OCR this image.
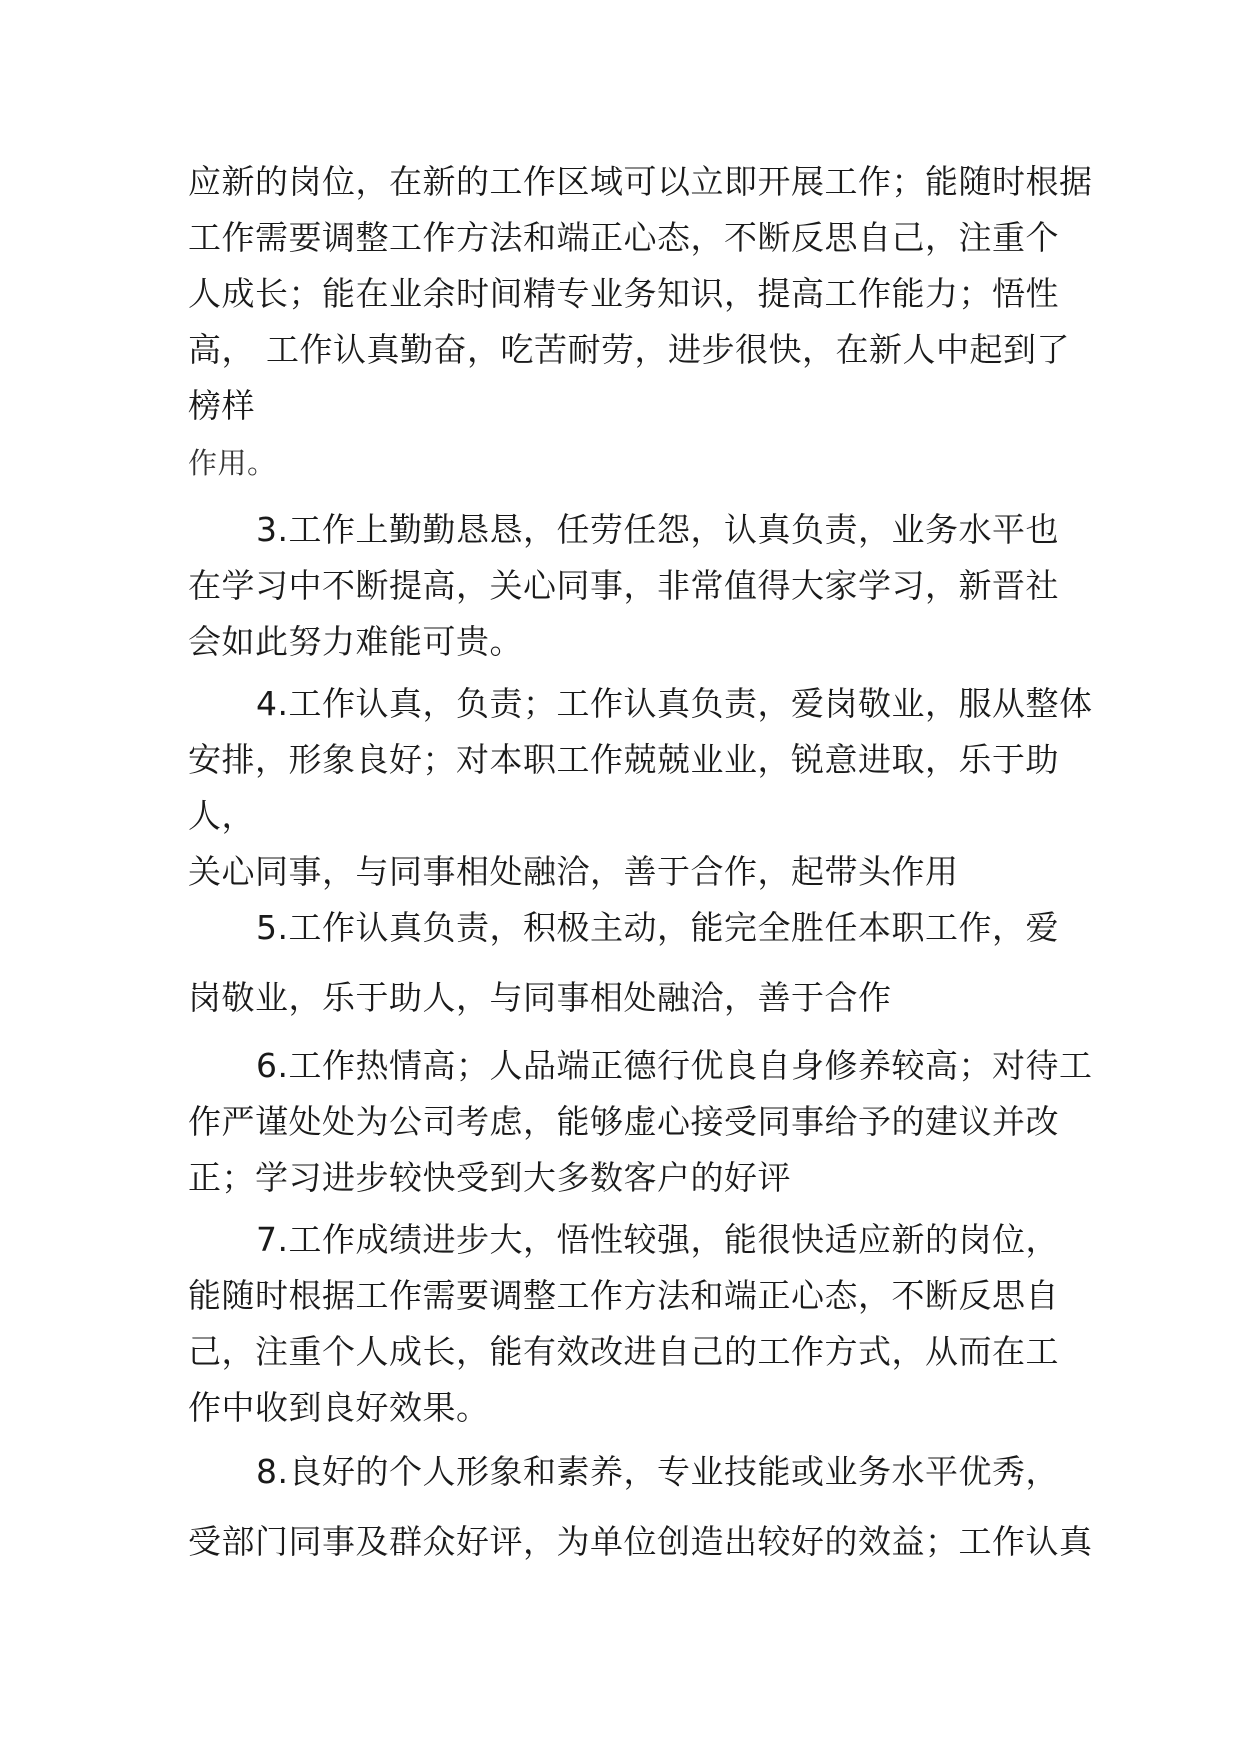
应新的岗位，在新的工作区域可以立即开展工作；能随时根据
工作需要调整工作方法和端正心态，不断反思自己，注重个
人成长；能在业余时间精专业务知识，提高工作能力；悟性
高， 工作认真勤奋，吃苦耐劳，进步很快，在新人中起到了
榜样
作用。
3.工作上勤勤恳恳，任劳任怨，认真负责，业务水平也
在学习中不断提高，关心同事，非常值得大家学习，新晋社
会如此努力难能可贵。
4.工作认真，负责；工作认真负责，爱岗敬业，服从整体
安排，形象良好；对本职工作兢兢业业，锐意进取，乐于助
人，
关心同事，与同事相处融洽，善于合作，起带头作用
5.工作认真负责，积极主动，能完全胜任本职工作，爱
岗敬业，乐于助人，与同事相处融洽，善于合作
6.工作热情高；人品端正德行优良自身修养较高；对待工
作严谨处处为公司考虑，能够虚心接受同事给予的建议并改
正；学习进步较快受到大多数客户的好评
7.工作成绩进步大，悟性较强，能很快适应新的岗位，
能随时根据工作需要调整工作方法和端正心态，不断反思自
己，注重个人成长，能有效改进自己的工作方式，从而在工
作中收到良好效果。
8.良好的个人形象和素养，专业技能或业务水平优秀，
受部门同事及群众好评，为单位创造出较好的效益；工作认真
